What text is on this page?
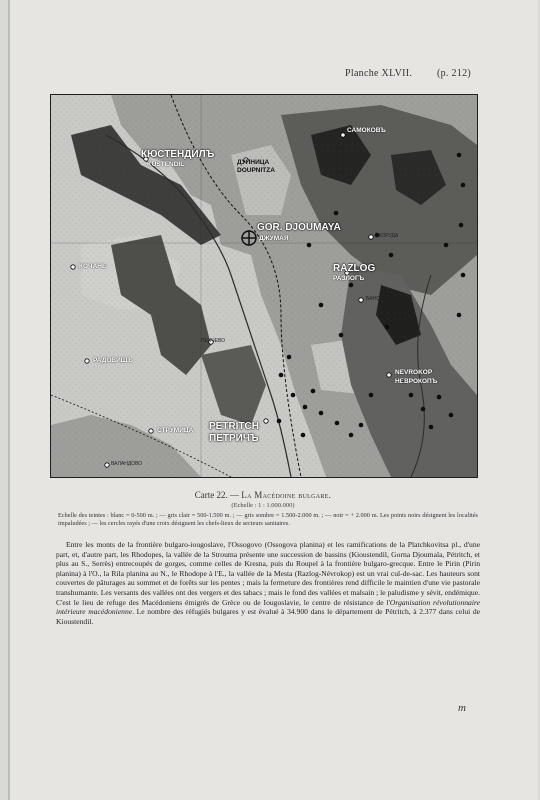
Planche XLVII. (p. 212)
КЮСТЕНДИЛЪ
KUSTENDIL	ДУПНИЦА
DOUPNITZA
САМОКОВЪ
GOR. DJOUMAYA
ДЖУМАЯ
RAZLOG
РАЗЛОГЪ
КОЧАНЕ
РАДОВИШЪ
СТРУМИЦА PETRITCH
ПЕТРИЧЪ
NEVROKOP
НЕВРОКОПЪ
ПЕХЧЕВО
БАНСКО
ЯКОРУДА
ВАЛАНДОВО
Carte 22. — La Macédoine bulgare.
(Echelle : 1 : 1.000.000)
Echelle des teintes : blanc = 0-500 m. ; — gris clair = 500-1.500 m. ; — gris sombre = 1.500-2.000 m. ; — noir = + 2.000 m. Les points noirs désignent les localités impaludées ; — les cercles rayés d'une croix désignent les chefs-lieux de secteurs sanitaires.

Entre les monts de la frontière bulgaro-iougoslave, l'Ossogovo (Ossogova planina) et les ramifications de la Platchkovitsa pl., d'une part, et, d'autre part, les Rhodopes, la vallée de la Strouma présente une succession de bassins (Kioustendil, Gorna Djoumaïa, Pétritch, et plus au S., Serrès) entrecoupés de gorges, comme celles de Kresna, puis du Roupel à la frontière bulgaro-grecque. Entre le Pirin (Pirin planina) à l'O., la Rila planina au N., le Rhodope à l'E., la vallée de la Mesta (Razlog-Névrokop) est un vrai cul-de-sac. Les hauteurs sont couvertes de pâturages au sommet et de forêts sur les pentes ; mais la fermeture des frontières rend difficile le maintien d'une vie pastorale transhumante. Les versants des vallées ont des vergers et des tabacs ; mais le fond des vallées et malsain ; le paludisme y sévit, endémique. C'est le lieu de refuge des Macédoniens émigrés de Grèce ou de Iougoslavie, le centre de résistance de l'Organisation révolutionnaire intérieure macédonienne. Le nombre des réfugiés bulgares y est évalué à 34.900 dans le département de Pétritch, à 2.377 dans celui de Kioustendil.

m
